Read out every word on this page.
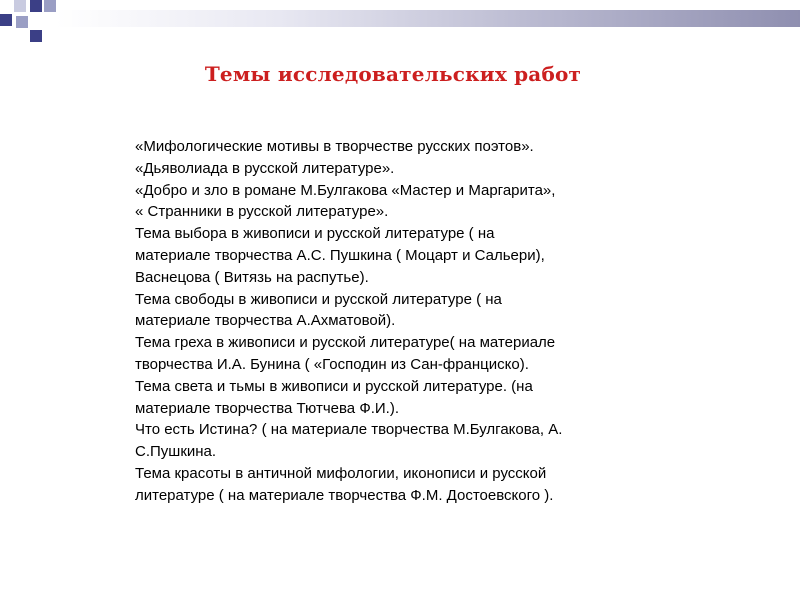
Темы исследовательских работ
«Мифологические мотивы в творчестве русских поэтов».
«Дьяволиада в русской литературе».
«Добро и зло в романе М.Булгакова «Мастер и Маргарита»,
« Странники в русской литературе».
Тема выбора в живописи и русской литературе ( на
материале творчества А.С. Пушкина ( Моцарт и Сальери),
Васнецова ( Витязь на распутье).
Тема свободы в живописи и русской литературе ( на
материале творчества А.Ахматовой).
Тема греха в живописи и русской литературе( на материале
творчества И.А. Бунина ( «Господин из Сан-франциско).
Тема света и тьмы в живописи и русской литературе. (на
материале творчества Тютчева Ф.И.).
Что есть Истина? ( на материале творчества М.Булгакова, А.
С.Пушкина.
Тема красоты в античной мифологии, иконописи и русской
литературе ( на материале творчества Ф.М. Достоевского ).
